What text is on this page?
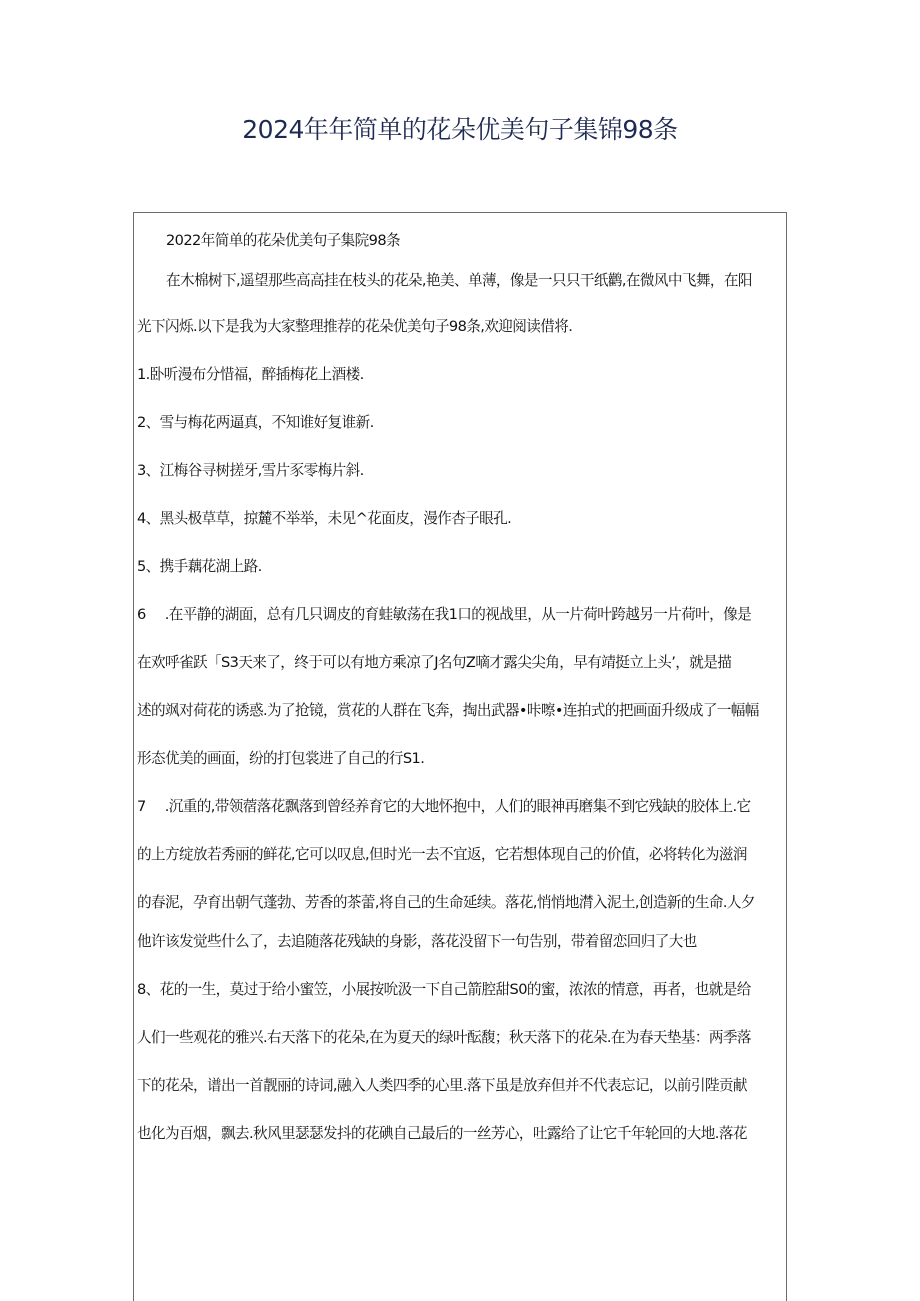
2024年年简单的花朵优美句子集锦98条
2022年简单的花朵优美句子集院98条
在木棉树下,遥望那些高高挂在枝头的花朵,艳美、单薄，像是一只只干纸鹳,在微风中飞舞，在阳
光下闪烁.以下是我为大家整理推荐的花朵优美句子98条,欢迎阅读借将.
1.卧听漫布分惜福，醉插梅花上酒楼.
2、雪与梅花两逼真，不知谁好复谁新.
3、江梅谷寻树搓牙,雪片豕零梅片斜.
4、黑头极草草，掠麓不举举，未见^花面皮，漫作杏子眼孔.
5、携手藕花湖上路.
6 .在平静的湖面，总有几只调皮的育蛙敏荡在我1口的视战里，从一片荷叶跨越另一片荷叶，像是
在欢呼雀跃「S3天来了，终于可以有地方乘凉了J名句Z嘀才露尖尖角，早有靖挺立上头’，就是描
述的飒对荷花的诱惑.为了抢镜，赏花的人群在飞奔，掏出武器•咔嚓•连拍式的把画面升级成了一幅幅
形态优美的画面，纷的打包裳进了自己的行S1.
7 .沉重的,带领蓿落花飘落到曾经养育它的大地怀抱中，人们的眼神再磨集不到它残缺的胶体上.它
的上方绽放若秀丽的鲜花,它可以叹息,但时光一去不宜返，它若想体现自己的价值，必将转化为滋润
的春泥，孕育出朝气蓬勃、芳香的茶蕾,将自己的生命延续。落花,悄悄地潸入泥土,创造新的生命.人夕
他许该发觉些什么了，去追随落花残缺的身影，落花没留下一句告别，带着留恋回归了大也
8、花的一生，莫过于给小蜜笠，小展按吮汲一下自己箭腔甜S0的蜜，浓浓的情意，再者，也就是给
人们一些观花的雅兴.右天落下的花朵,在为夏天的绿叶酝馥；秋天落下的花朵.在为春天垫基：两季落
下的花朵，谱出一首靓丽的诗词,融入人类四季的心里.落下虽是放弃但并不代表忘记，以前引陛贡献
也化为百烟，飘去.秋风里瑟瑟发抖的花碘自己最后的一丝芳心，吐露给了让它千年轮回的大地.落花
